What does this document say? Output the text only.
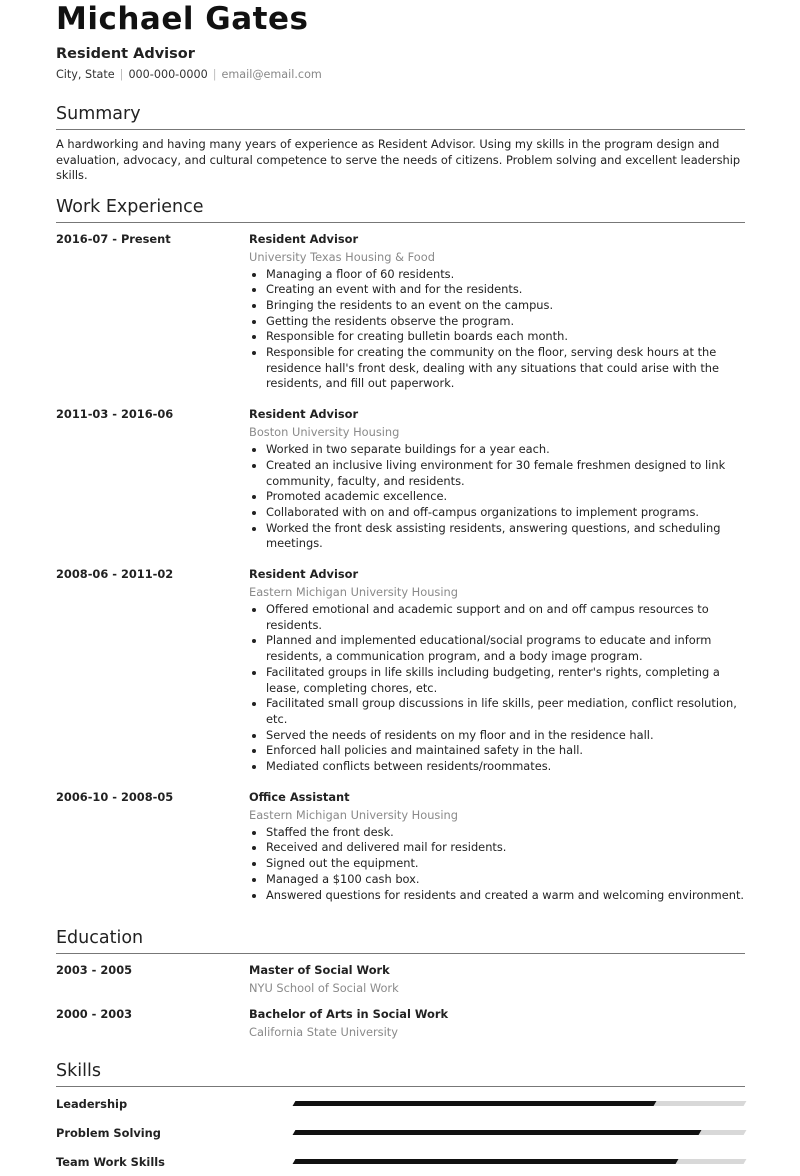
Michael Gates
Resident Advisor
City, State | 000-000-0000 | email@email.com
Summary
A hardworking and having many years of experience as Resident Advisor. Using my skills in the program design and evaluation, advocacy, and cultural competence to serve the needs of citizens. Problem solving and excellent leadership skills.
Work Experience
2016-07 - Present	Resident Advisor
University Texas Housing & Food
• Managing a floor of 60 residents.
• Creating an event with and for the residents.
• Bringing the residents to an event on the campus.
• Getting the residents observe the program.
• Responsible for creating bulletin boards each month.
• Responsible for creating the community on the floor, serving desk hours at the residence hall's front desk, dealing with any situations that could arise with the residents, and fill out paperwork.
2011-03 - 2016-06	Resident Advisor
Boston University Housing
• Worked in two separate buildings for a year each.
• Created an inclusive living environment for 30 female freshmen designed to link community, faculty, and residents.
• Promoted academic excellence.
• Collaborated with on and off-campus organizations to implement programs.
• Worked the front desk assisting residents, answering questions, and scheduling meetings.
2008-06 - 2011-02	Resident Advisor
Eastern Michigan University Housing
• Offered emotional and academic support and on and off campus resources to residents.
• Planned and implemented educational/social programs to educate and inform residents, a communication program, and a body image program.
• Facilitated groups in life skills including budgeting, renter's rights, completing a lease, completing chores, etc.
• Facilitated small group discussions in life skills, peer mediation, conflict resolution, etc.
• Served the needs of residents on my floor and in the residence hall.
• Enforced hall policies and maintained safety in the hall.
• Mediated conflicts between residents/roommates.
2006-10 - 2008-05	Office Assistant
Eastern Michigan University Housing
• Staffed the front desk.
• Received and delivered mail for residents.
• Signed out the equipment.
• Managed a $100 cash box.
• Answered questions for residents and created a warm and welcoming environment.
Education
2003 - 2005	Master of Social Work
NYU School of Social Work
2000 - 2003	Bachelor of Arts in Social Work
California State University
Skills
Leadership
Problem Solving
Team Work Skills
